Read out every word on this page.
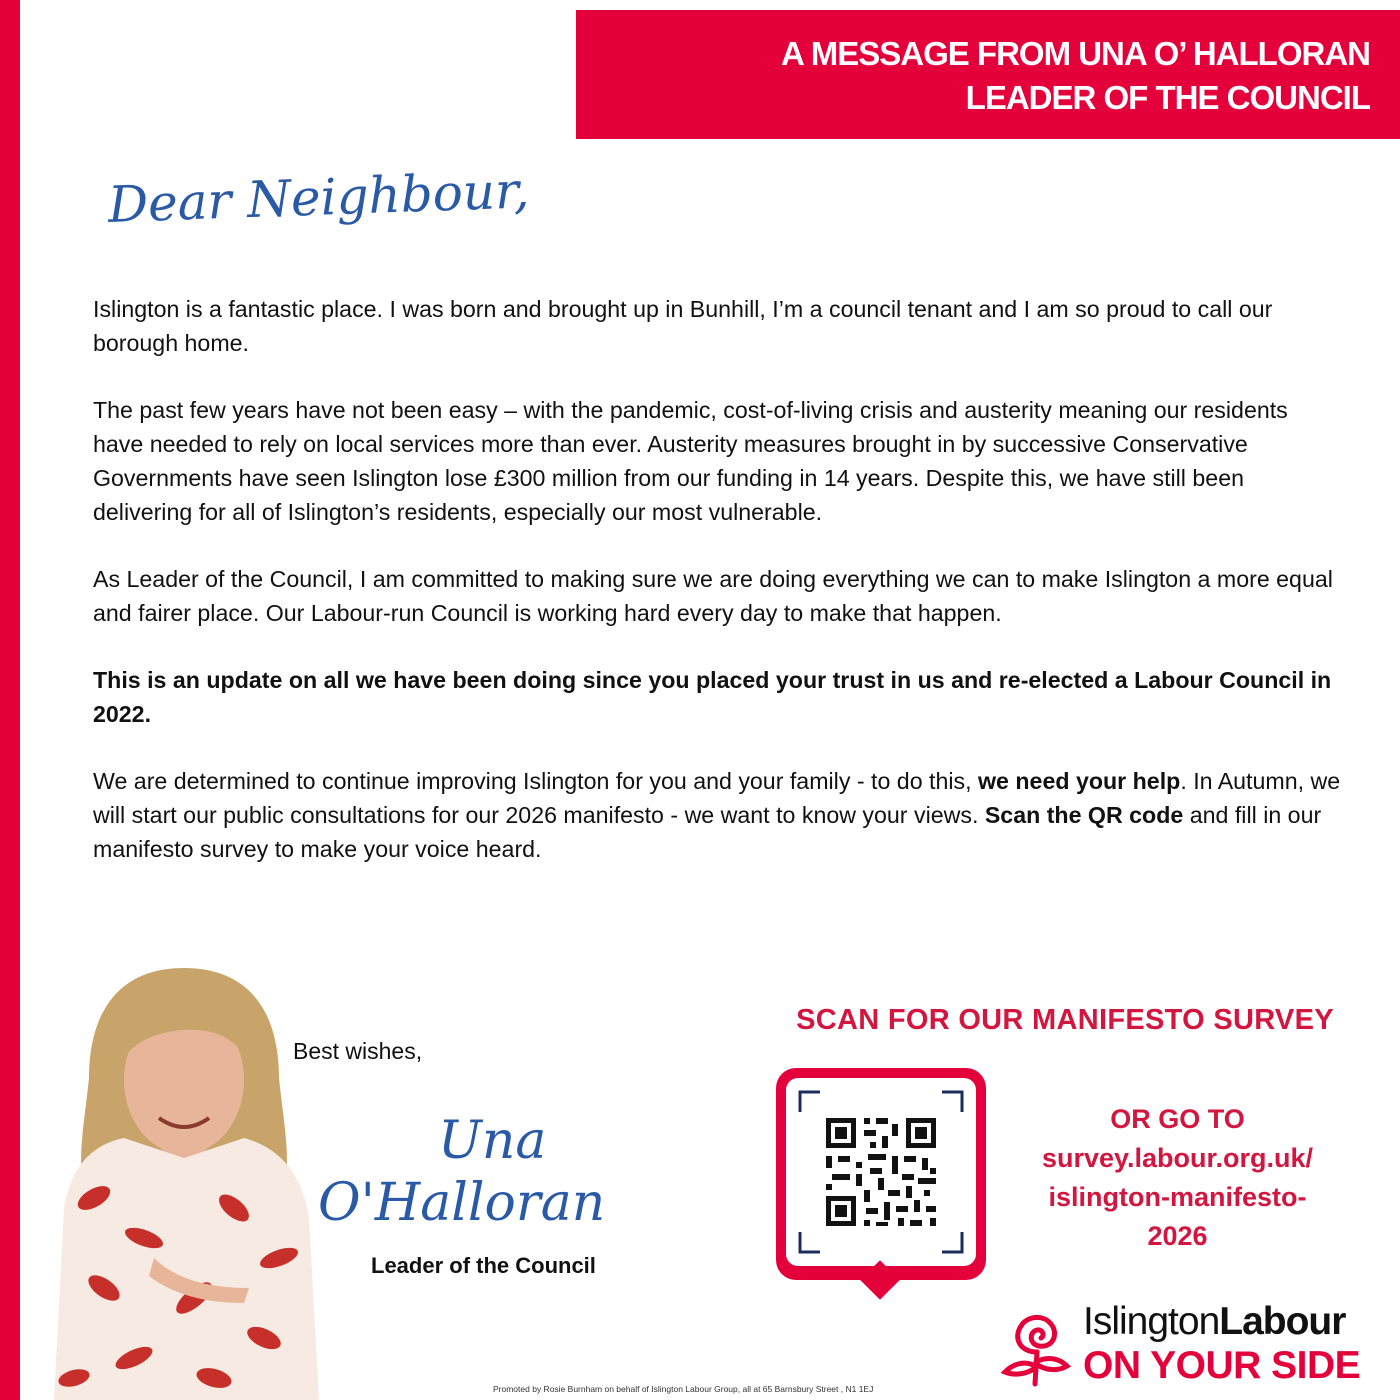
A MESSAGE FROM UNA O’ HALLORAN
LEADER OF THE COUNCIL
Dear Neighbour,

Islington is a fantastic place. I was born and brought up in Bunhill, I’m a council tenant and I am so proud to call our borough home.

The past few years have not been easy – with the pandemic, cost-of-living crisis and austerity meaning our residents have needed to rely on local services more than ever. Austerity measures brought in by successive Conservative Governments have seen Islington lose £300 million from our funding in 14 years. Despite this, we have still been delivering for all of Islington’s residents, especially our most vulnerable.

As Leader of the Council, I am committed to making sure we are doing everything we can to make Islington a more equal and fairer place. Our Labour-run Council is working hard every day to make that happen.

This is an update on all we have been doing since you placed your trust in us and re-elected a Labour Council in 2022.

We are determined to continue improving Islington for you and your family - to do this, we need your help. In Autumn, we will start our public consultations for our 2026 manifesto - we want to know your views. Scan the QR code and fill in our manifesto survey to make your voice heard.

Best wishes,
Una
O'Halloran
Leader of the Council
SCAN FOR OUR MANIFESTO SURVEY
OR GO TO
survey.labour.org.uk/
islington-manifesto-
2026
IslingtonLabour
ON YOUR SIDE
Promoted by Rosie Burnham on behalf of Islington Labour Group, all at 65 Barnsbury Street , N1 1EJ
